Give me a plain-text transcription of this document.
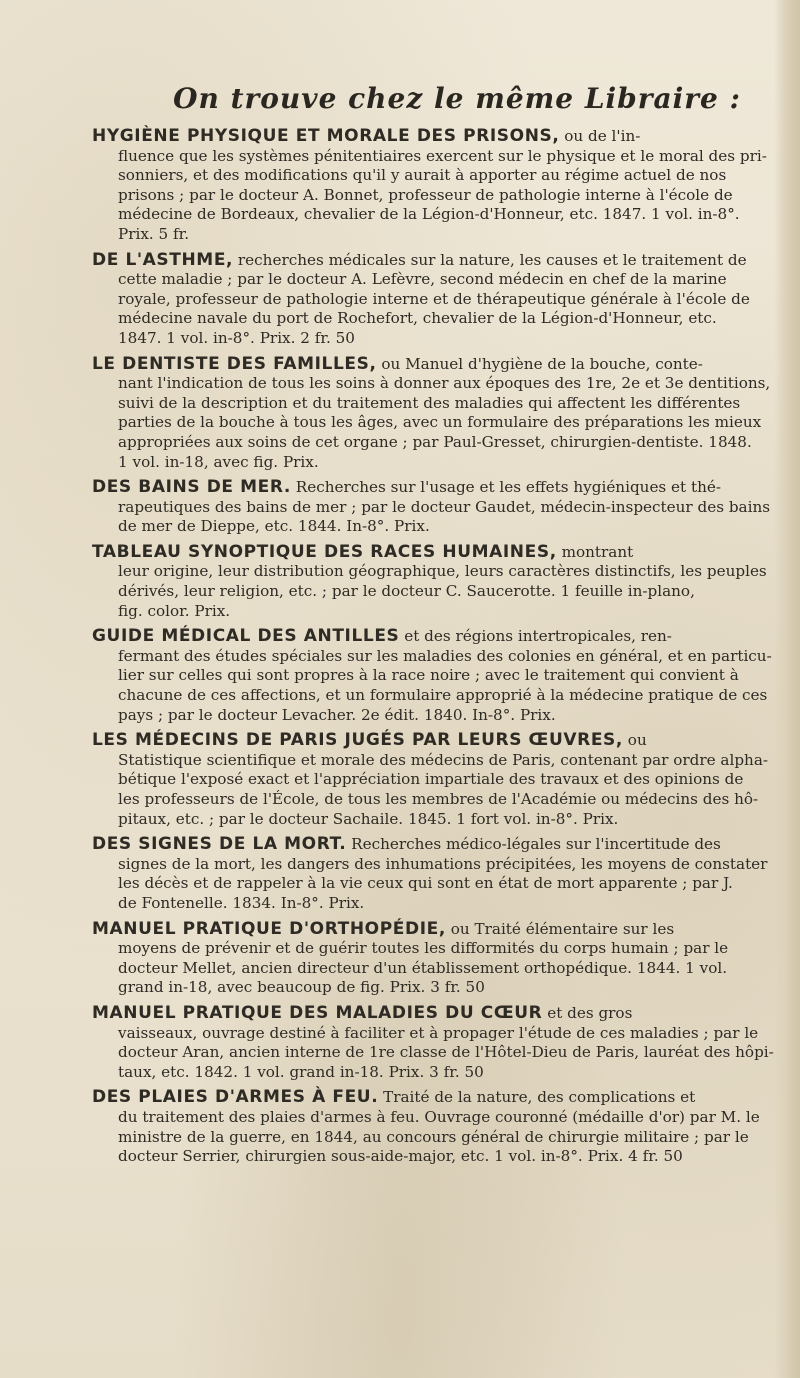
On trouve chez le même Libraire :
HYGIÈNE PHYSIQUE ET MORALE DES PRISONS, ou de l'in-
fluence que les systèmes pénitentiaires exercent sur le physique et le moral des pri-
sonniers, et des modifications qu'il y aurait à apporter au régime actuel de nos
prisons ; par le docteur A. Bonnet, professeur de pathologie interne à l'école de
médecine de Bordeaux, chevalier de la Légion-d'Honneur, etc. 1847. 1 vol. in-8°.
Prix. 5 fr.
DE L'ASTHME, recherches médicales sur la nature, les causes et le traitement de
cette maladie ; par le docteur A. Lefèvre, second médecin en chef de la marine
royale, professeur de pathologie interne et de thérapeutique générale à l'école de
médecine navale du port de Rochefort, chevalier de la Légion-d'Honneur, etc.
1847. 1 vol. in-8°. Prix. 2 fr. 50
LE DENTISTE DES FAMILLES, ou Manuel d'hygiène de la bouche, conte-
nant l'indication de tous les soins à donner aux époques des 1re, 2e et 3e dentitions,
suivi de la description et du traitement des maladies qui affectent les différentes
parties de la bouche à tous les âges, avec un formulaire des préparations les mieux
appropriées aux soins de cet organe ; par Paul-Gresset, chirurgien-dentiste. 1848.
1 vol. in-18, avec fig. Prix.
DES BAINS DE MER. Recherches sur l'usage et les effets hygiéniques et thé-
rapeutiques des bains de mer ; par le docteur Gaudet, médecin-inspecteur des bains
de mer de Dieppe, etc. 1844. In-8°. Prix.
TABLEAU SYNOPTIQUE DES RACES HUMAINES, montrant
leur origine, leur distribution géographique, leurs caractères distinctifs, les peuples
dérivés, leur religion, etc. ; par le docteur C. Saucerotte. 1 feuille in-plano,
fig. color. Prix.
GUIDE MÉDICAL DES ANTILLES et des régions intertropicales, ren-
fermant des études spéciales sur les maladies des colonies en général, et en particu-
lier sur celles qui sont propres à la race noire ; avec le traitement qui convient à
chacune de ces affections, et un formulaire approprié à la médecine pratique de ces
pays ; par le docteur Levacher. 2e édit. 1840. In-8°. Prix.
LES MÉDECINS DE PARIS JUGÉS PAR LEURS ŒUVRES, ou
Statistique scientifique et morale des médecins de Paris, contenant par ordre alpha-
bétique l'exposé exact et l'appréciation impartiale des travaux et des opinions de
les professeurs de l'École, de tous les membres de l'Académie ou médecins des hô-
pitaux, etc. ; par le docteur Sachaile. 1845. 1 fort vol. in-8°. Prix.
DES SIGNES DE LA MORT. Recherches médico-légales sur l'incertitude des
signes de la mort, les dangers des inhumations précipitées, les moyens de constater
les décès et de rappeler à la vie ceux qui sont en état de mort apparente ; par J.
de Fontenelle. 1834. In-8°. Prix.
MANUEL PRATIQUE D'ORTHOPÉDIE, ou Traité élémentaire sur les
moyens de prévenir et de guérir toutes les difformités du corps humain ; par le
docteur Mellet, ancien directeur d'un établissement orthopédique. 1844. 1 vol.
grand in-18, avec beaucoup de fig. Prix. 3 fr. 50
MANUEL PRATIQUE DES MALADIES DU CŒUR et des gros
vaisseaux, ouvrage destiné à faciliter et à propager l'étude de ces maladies ; par le
docteur Aran, ancien interne de 1re classe de l'Hôtel-Dieu de Paris, lauréat des hôpi-
taux, etc. 1842. 1 vol. grand in-18. Prix. 3 fr. 50
DES PLAIES D'ARMES À FEU. Traité de la nature, des complications et
du traitement des plaies d'armes à feu. Ouvrage couronné (médaille d'or) par M. le
ministre de la guerre, en 1844, au concours général de chirurgie militaire ; par le
docteur Serrier, chirurgien sous-aide-major, etc. 1 vol. in-8°. Prix. 4 fr. 50
